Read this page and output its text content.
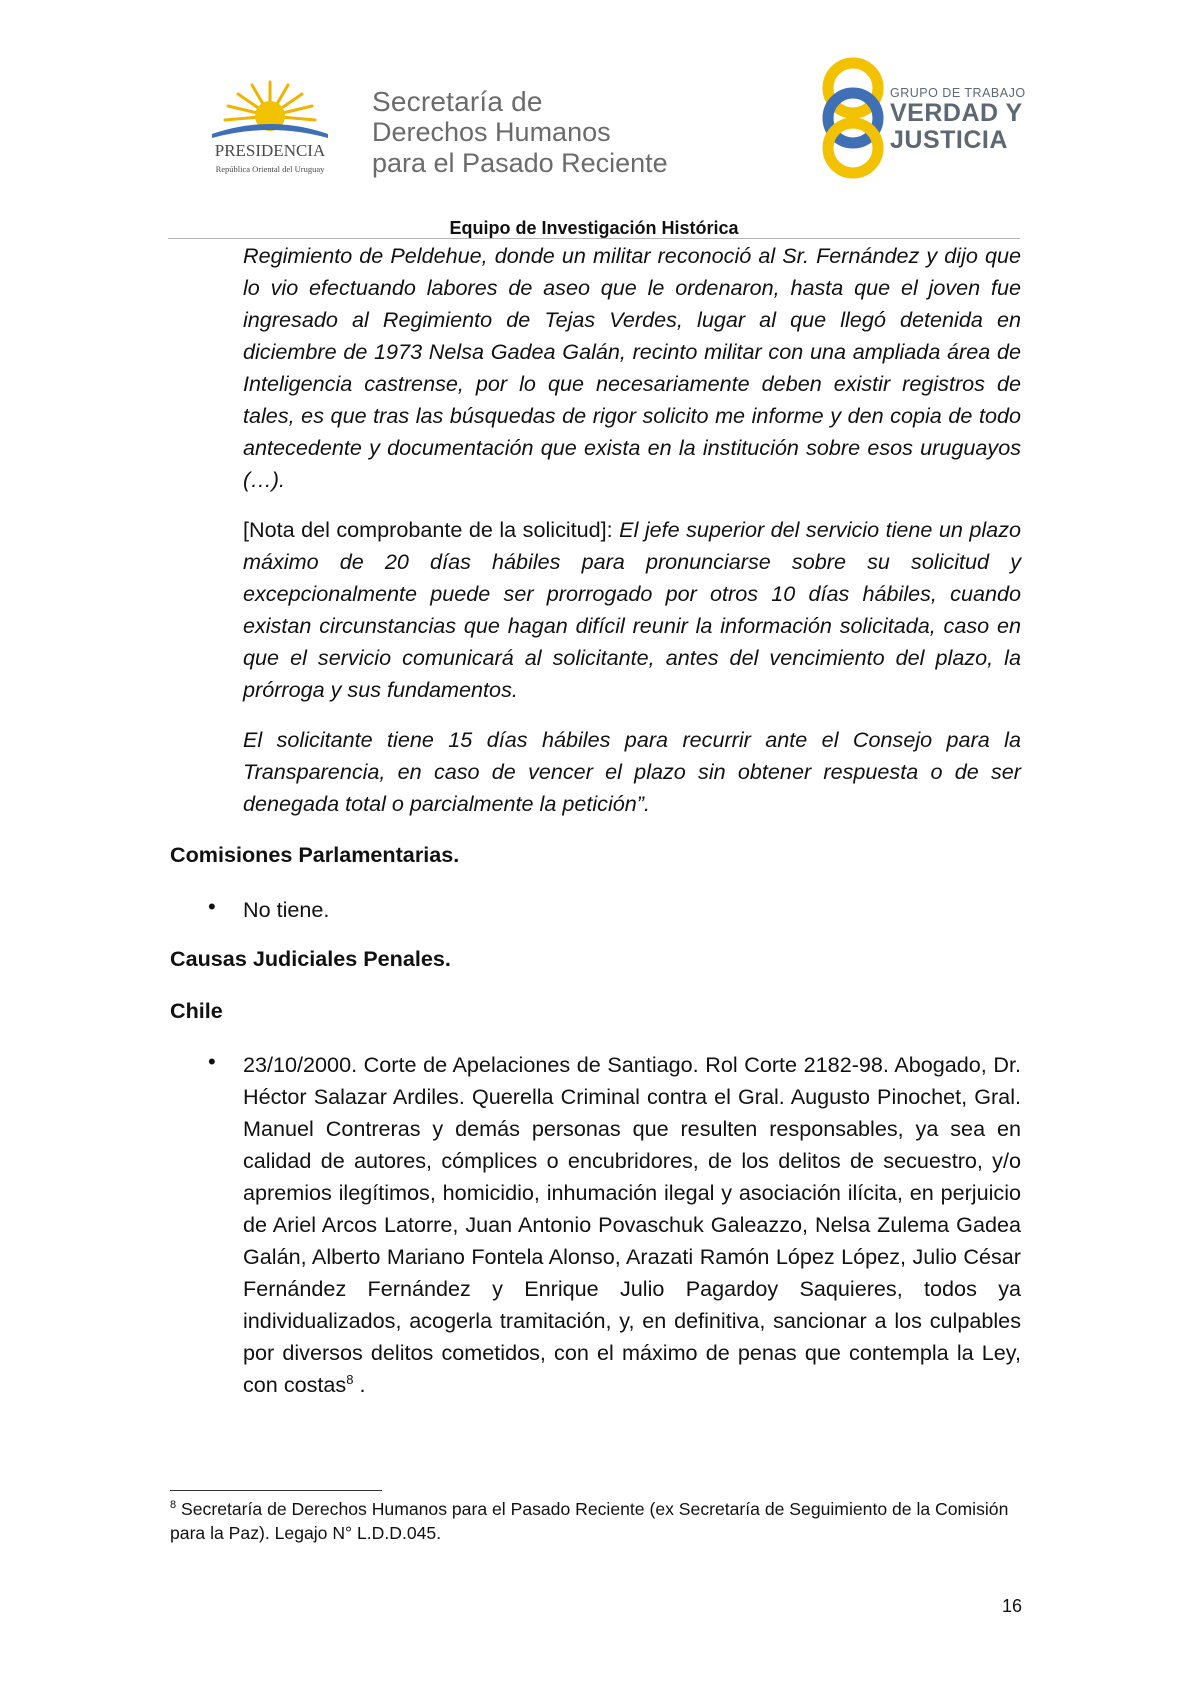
PRESIDENCIA
República Oriental del Uruguay
Secretaría de
Derechos Humanos
para el Pasado Reciente
GRUPO DE TRABAJO
VERDAD Y
JUSTICIA
Equipo de Investigación Histórica

Regimiento de Peldehue, donde un militar reconoció al Sr. Fernández y dijo que lo vio efectuando labores de aseo que le ordenaron, hasta que el joven fue ingresado al Regimiento de Tejas Verdes, lugar al que llegó detenida en diciembre de 1973 Nelsa Gadea Galán, recinto militar con una ampliada área de Inteligencia castrense, por lo que necesariamente deben existir registros de tales, es que tras las búsquedas de rigor solicito me informe y den copia de todo antecedente y documentación que exista en la institución sobre esos uruguayos (…).

[Nota del comprobante de la solicitud]: El jefe superior del servicio tiene un plazo máximo de 20 días hábiles para pronunciarse sobre su solicitud y excepcionalmente puede ser prorrogado por otros 10 días hábiles, cuando existan circunstancias que hagan difícil reunir la información solicitada, caso en que el servicio comunicará al solicitante, antes del vencimiento del plazo, la prórroga y sus fundamentos.

El solicitante tiene 15 días hábiles para recurrir ante el Consejo para la Transparencia, en caso de vencer el plazo sin obtener respuesta o de ser denegada total o parcialmente la petición”.

Comisiones Parlamentarias.

• No tiene.

Causas Judiciales Penales.

Chile

• 23/10/2000. Corte de Apelaciones de Santiago. Rol Corte 2182-98. Abogado, Dr. Héctor Salazar Ardiles. Querella Criminal contra el Gral. Augusto Pinochet, Gral. Manuel Contreras y demás personas que resulten responsables, ya sea en calidad de autores, cómplices o encubridores, de los delitos de secuestro, y/o apremios ilegítimos, homicidio, inhumación ilegal y asociación ilícita, en perjuicio de Ariel Arcos Latorre, Juan Antonio Povaschuk Galeazzo, Nelsa Zulema Gadea Galán, Alberto Mariano Fontela Alonso, Arazati Ramón López López, Julio César Fernández Fernández y Enrique Julio Pagardoy Saquieres, todos ya individualizados, acogerla tramitación, y, en definitiva, sancionar a los culpables por diversos delitos cometidos, con el máximo de penas que contempla la Ley, con costas$^8$ .

$^8$ Secretaría de Derechos Humanos para el Pasado Reciente (ex Secretaría de Seguimiento de la Comisión para la Paz). Legajo N° L.D.D.045.

16
